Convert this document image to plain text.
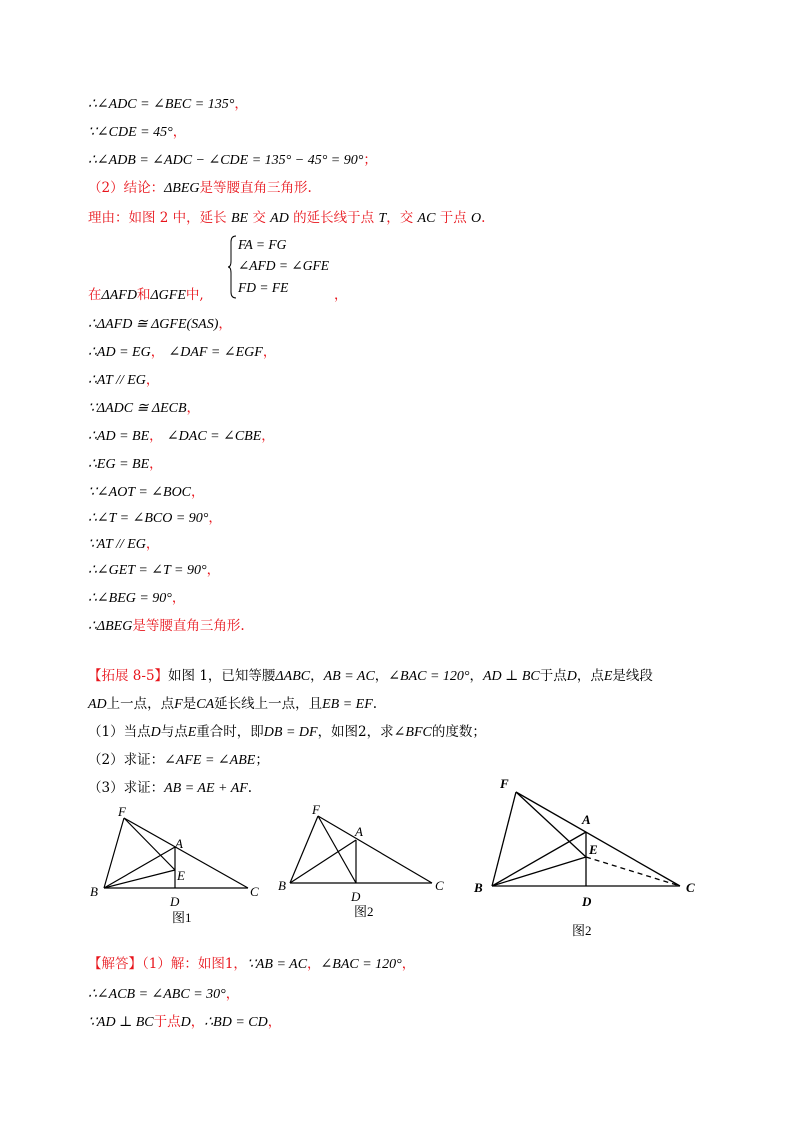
∴∠ADC = ∠BEC = 135°，
∵∠CDE = 45°，
∴∠ADB = ∠ADC − ∠CDE = 135° − 45° = 90°；
（2）结论：ΔBEG是等腰直角三角形.
理由：如图 2 中，延长 BE 交 AD 的延长线于点 T，交 AC 于点 O.
FA = FG
∠AFD = ∠GFE
FD = FE
在ΔAFD和ΔGFE中,	，
∴ΔAFD ≅ ΔGFE(SAS)，
∴AD = EG， ∠DAF = ∠EGF，
∴AT // EG，
∵ΔADC ≅ ΔECB，
∴AD = BE， ∠DAC = ∠CBE，
∴EG = BE，
∵∠AOT = ∠BOC，
∴∠T = ∠BCO = 90°，
∵AT // EG，
∴∠GET = ∠T = 90°，
∴∠BEG = 90°，
∴ΔBEG是等腰直角三角形.
【拓展 8-5】如图 1，已知等腰ΔABC，AB = AC，∠BAC = 120°，AD ⊥ BC于点D，点E是线段
AD上一点，点F是CA延长线上一点，且EB = EF.
（1）当点D与点E重合时，即DB = DF，如图2，求∠BFC的度数；
（2）求证：∠AFE = ∠ABE；
（3）求证：AB = AE + AF.
F
A
E
B
D
C
图1
F
A
B
D
C
图2
F
A
E
B
D
C
图2
【解答】（1）解：如图1，∵AB = AC，∠BAC = 120°，
∴∠ACB = ∠ABC = 30°，
∵AD ⊥ BC于点D，∴BD = CD，
